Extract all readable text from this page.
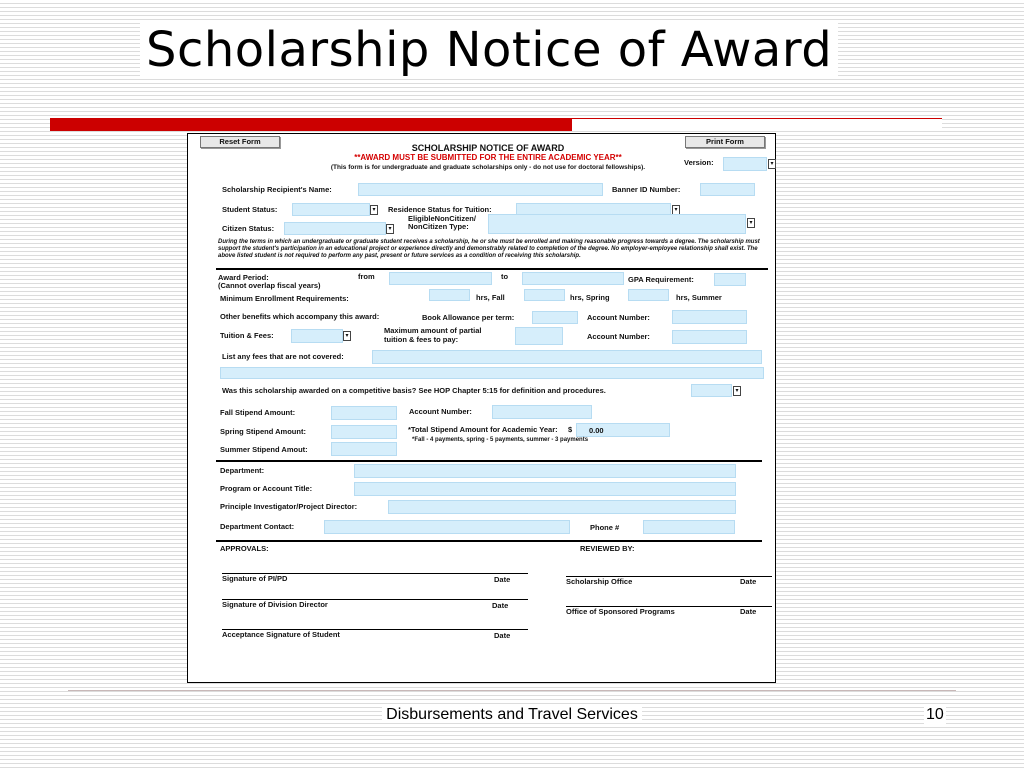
Scholarship Notice of Award
Reset Form	Print Form
SCHOLARSHIP NOTICE OF AWARD
**AWARD MUST BE SUBMITTED FOR THE ENTIRE ACADEMIC YEAR**
(This form is for undergraduate and graduate scholarships only - do not use for doctoral fellowships).
Version:	▾
Scholarship Recipient's Name:	Banner ID Number:
Student Status:	▾	Residence Status for Tuition:	▾
EligibleNonCitizen/
NonCitizen Type:	▾
Citizen Status:	▾
During the terms in which an undergraduate or graduate student receives a scholarship, he or she must be enrolled and making reasonable progress towards a degree. The scholarship must support the student's participation in an educational project or experience directly and demonstrably related to completion of the degree. No employer-employee relationship shall exist. The above listed student is not required to perform any past, present or future services as a condition of receiving this scholarship.
Award Period:
(Cannot overlap fiscal years)
from	to	GPA Requirement:
Minimum Enrollment Requirements:	hrs, Fall	hrs, Spring	hrs, Summer
Other benefits which accompany this award:	Book Allowance per term:	Account Number:
Tuition & Fees:	▾
Maximum amount of partial
tuition & fees to pay:	Account Number:
List any fees that are not covered:
Was this scholarship awarded on a competitive basis? See HOP Chapter 5:15 for definition and procedures.	▾
Fall Stipend Amount:	Account Number:
Spring Stipend Amount:	*Total Stipend Amount for Academic Year: $	0.00
*Fall - 4 payments, spring - 5 payments, summer - 3 payments
Summer Stipend Amout:
Department:
Program or Account Title:
Principle Investigator/Project Director:
Department Contact:	Phone #
APPROVALS:	REVIEWED BY:
Signature of PI/PD	Date	Scholarship Office	Date
Signature of Division Director	Date
Office of Sponsored Programs	Date
Acceptance Signature of Student	Date
Disbursements and Travel Services	10
